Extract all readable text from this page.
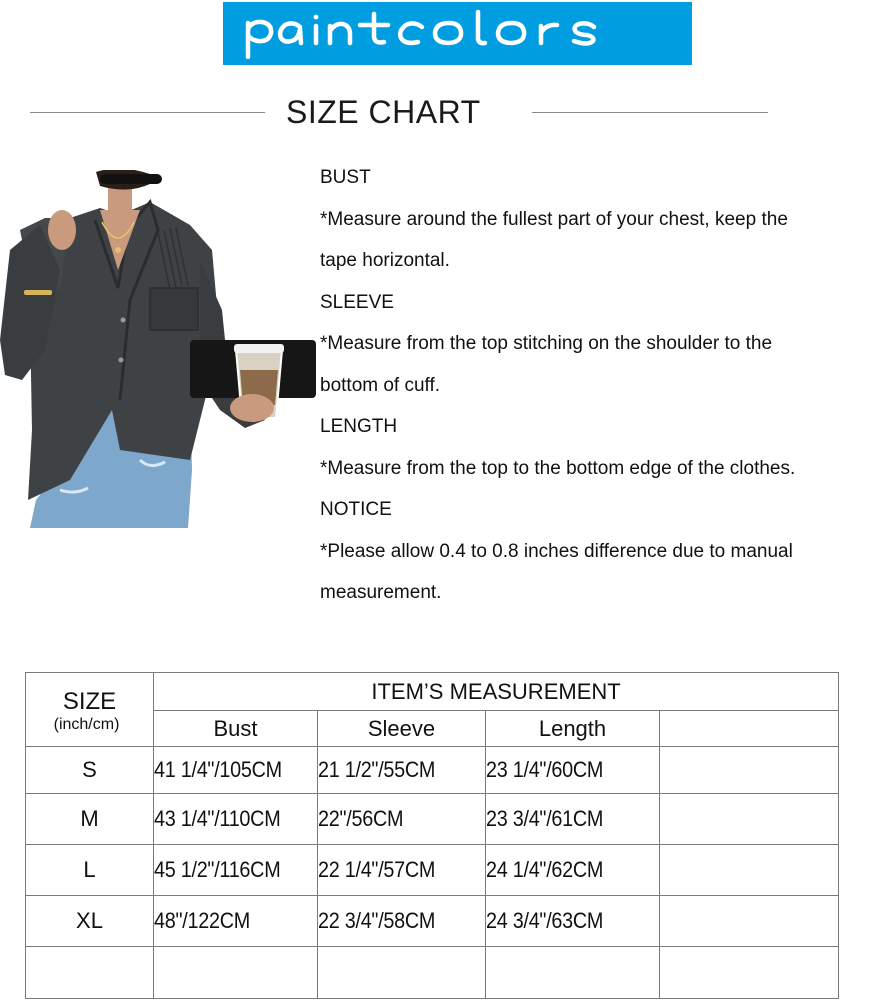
SIZE CHART
BUST
*Measure around the fullest part of your chest, keep the
tape horizontal.
SLEEVE
*Measure from the top stitching on the shoulder to the
bottom of cuff.
LENGTH
*Measure from the top to the bottom edge of the clothes.
NOTICE
*Please allow 0.4 to 0.8 inches difference due to manual
measurement.
SIZE
(inch/cm)	ITEM’S MEASUREMENT			
	Bust	Sleeve	Length	
S	41 1/4"/105CM	21 1/2"/55CM	23 1/4"/60CM	
M	43 1/4"/110CM	22"/56CM	23 3/4"/61CM	
L	45 1/2"/116CM	22 1/4"/57CM	24 1/4"/62CM	
XL	48"/122CM	22 3/4"/58CM	24 3/4"/63CM	
